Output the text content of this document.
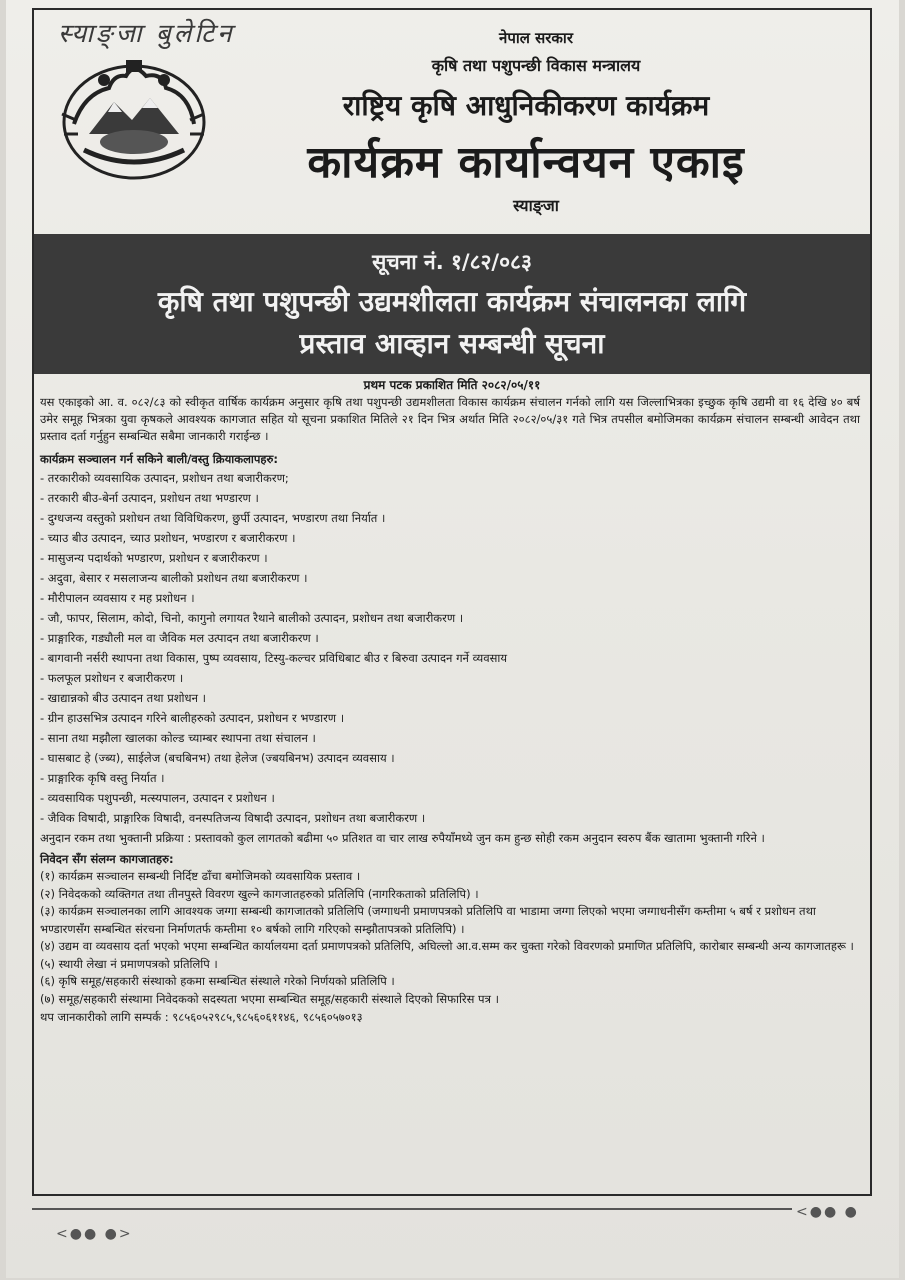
स्याङ्जा बुलेटिन	नेपाल सरकार
कृषि तथा पशुपन्छी विकास मन्त्रालय
राष्ट्रिय कृषि आधुनिकीकरण कार्यक्रम
कार्यक्रम कार्यान्वयन एकाइ
स्याङ्जा
सूचना नं. १/८२/०८३
कृषि तथा पशुपन्छी उद्यमशीलता कार्यक्रम संचालनका लागि
प्रस्ताव आव्हान सम्बन्धी सूचना
प्रथम पटक प्रकाशित मिति २०८२/०५/११

यस एकाइको आ. व. ०८२/८३ को स्वीकृत वार्षिक कार्यक्रम अनुसार कृषि तथा पशुपन्छी उद्यमशीलता विकास कार्यक्रम संचालन गर्नको लागि यस जिल्लाभित्रका इच्छुक कृषि उद्यमी वा १६ देखि ४० बर्ष उमेर समूह भित्रका युवा कृषकले आवश्यक कागजात सहित यो सूचना प्रकाशित मितिले २१ दिन भित्र अर्थात मिति २०८२/०५/३१ गते भित्र तपसील बमोजिमका कार्यक्रम संचालन सम्बन्धी आवेदन तथा प्रस्ताव दर्ता गर्नुहुन सम्बन्धित सबैमा जानकारी गराईन्छ ।

कार्यक्रम सञ्चालन गर्न सकिने बाली/वस्तु क्रियाकलापहरु:

- तरकारीको व्यवसायिक उत्पादन, प्रशोधन तथा बजारीकरण;
- तरकारी बीउ-बेर्ना उत्पादन, प्रशोधन तथा भण्डारण ।
- दुग्धजन्य वस्तुको प्रशोधन तथा विविधिकरण, छुर्पी उत्पादन, भण्डारण तथा निर्यात ।
- च्याउ बीउ उत्पादन, च्याउ प्रशोधन, भण्डारण र बजारीकरण ।
- मासुजन्य पदार्थको भण्डारण, प्रशोधन र बजारीकरण ।
- अदुवा, बेसार र मसलाजन्य बालीको प्रशोधन तथा बजारीकरण ।
- मौरीपालन व्यवसाय र मह प्रशोधन ।
- जौ, फापर, सिलाम, कोदो, चिनो, कागुनो लगायत रैथाने बालीको उत्पादन, प्रशोधन तथा बजारीकरण ।
- प्राङ्गारिक, गड्यौली मल वा जैविक मल उत्पादन तथा बजारीकरण ।
- बागवानी नर्सरी स्थापना तथा विकास, पुष्प व्यवसाय, टिस्यु-कल्चर प्रविधिबाट बीउ र बिरुवा उत्पादन गर्ने व्यवसाय
- फलफूल प्रशोधन र बजारीकरण ।
- खाद्यान्नको बीउ उत्पादन तथा प्रशोधन ।
- ग्रीन हाउसभित्र उत्पादन गरिने बालीहरुको उत्पादन, प्रशोधन र भण्डारण ।
- साना तथा मझौला खालका कोल्ड च्याम्बर स्थापना तथा संचालन ।
- घासबाट हे (ज्ब्य), साईलेज (बचबिनभ) तथा हेलेज (ज्बयबिनभ) उत्पादन व्यवसाय ।
- प्राङ्गारिक कृषि वस्तु निर्यात ।
- व्यवसायिक पशुपन्छी, मत्स्यपालन, उत्पादन र प्रशोधन ।
- जैविक विषादी, प्राङ्गारिक विषादी, वनस्पतिजन्य विषादी उत्पादन, प्रशोधन तथा बजारीकरण ।

अनुदान रकम तथा भुक्तानी प्रक्रिया : प्रस्तावको कुल लागतको बढीमा ५० प्रतिशत वा चार लाख रुपैयाँमध्ये जुन कम हुन्छ सोही रकम अनुदान स्वरुप बैंक खातामा भुक्तानी गरिने ।

निवेदन सँग संलग्न कागजातहरु:

(१) कार्यक्रम सञ्चालन सम्बन्धी निर्दिष्ट ढाँचा बमोजिमको व्यवसायिक प्रस्ताव ।
(२) निवेदकको व्यक्तिगत तथा तीनपुस्ते विवरण खुल्ने कागजातहरुको प्रतिलिपि (नागरिकताको प्रतिलिपि) ।
(३) कार्यक्रम सञ्चालनका लागि आवश्यक जग्गा सम्बन्धी कागजातको प्रतिलिपि (जग्गाधनी प्रमाणपत्रको प्रतिलिपि वा भाडामा जग्गा लिएको भएमा जग्गाधनीसँग कम्तीमा ५ बर्ष र प्रशोधन तथा भण्डारणसँग सम्बन्धित संरचना निर्माणतर्फ कम्तीमा १० बर्षको लागि गरिएको सम्झौतापत्रको प्रतिलिपि) ।
(४) उद्यम वा व्यवसाय दर्ता भएको भएमा सम्बन्धित कार्यालयमा दर्ता प्रमाणपत्रको प्रतिलिपि, अघिल्लो आ.व.सम्म कर चुक्ता गरेको विवरणको प्रमाणित प्रतिलिपि, कारोबार सम्बन्धी अन्य कागजातहरू ।
(५) स्थायी लेखा नं प्रमाणपत्रको प्रतिलिपि ।
(६) कृषि समूह/सहकारी संस्थाको हकमा सम्बन्धित संस्थाले गरेको निर्णयको प्रतिलिपि ।
(७) समूह/सहकारी संस्थामा निवेदकको सदस्यता भएमा सम्बन्धित समूह/सहकारी संस्थाले दिएको सिफारिस पत्र ।
थप जानकारीको लागि सम्पर्क : ९८५६०५२९८५,९८५६०६११४६, ९८५६०५७०१३
<●● ●>
<●● ●
